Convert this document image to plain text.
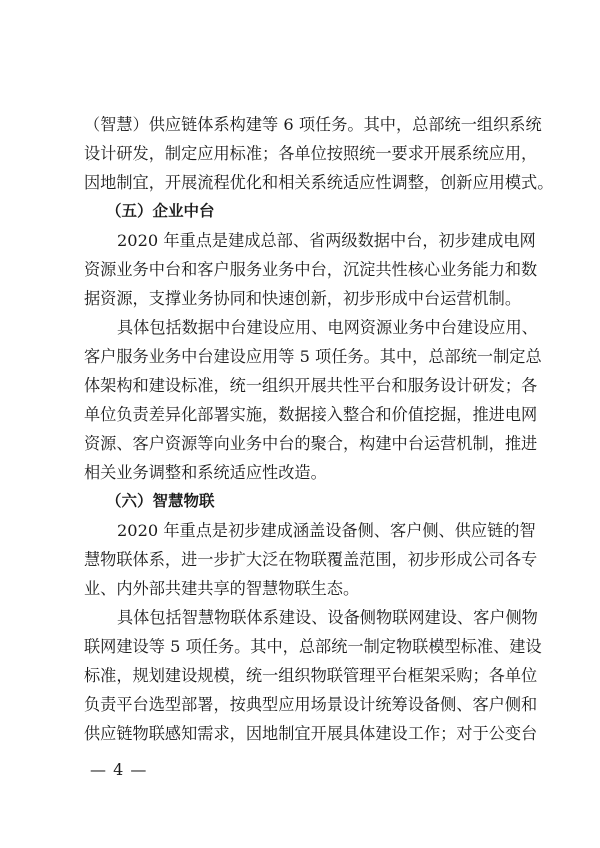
（智慧）供应链体系构建等 6 项任务。其中，总部统一组织系统
设计研发，制定应用标准；各单位按照统一要求开展系统应用，
因地制宜，开展流程优化和相关系统适应性调整，创新应用模式。
（五）企业中台
2020 年重点是建成总部、省两级数据中台，初步建成电网
资源业务中台和客户服务业务中台，沉淀共性核心业务能力和数
据资源，支撑业务协同和快速创新，初步形成中台运营机制。
具体包括数据中台建设应用、电网资源业务中台建设应用、
客户服务业务中台建设应用等 5 项任务。其中，总部统一制定总
体架构和建设标准，统一组织开展共性平台和服务设计研发；各
单位负责差异化部署实施，数据接入整合和价值挖掘，推进电网
资源、客户资源等向业务中台的聚合，构建中台运营机制，推进
相关业务调整和系统适应性改造。
（六）智慧物联
2020 年重点是初步建成涵盖设备侧、客户侧、供应链的智
慧物联体系，进一步扩大泛在物联覆盖范围，初步形成公司各专
业、内外部共建共享的智慧物联生态。
具体包括智慧物联体系建设、设备侧物联网建设、客户侧物
联网建设等 5 项任务。其中，总部统一制定物联模型标准、建设
标准，规划建设规模，统一组织物联管理平台框架采购；各单位
负责平台选型部署，按典型应用场景设计统筹设备侧、客户侧和
供应链物联感知需求，因地制宜开展具体建设工作；对于公变台
— 4 —
